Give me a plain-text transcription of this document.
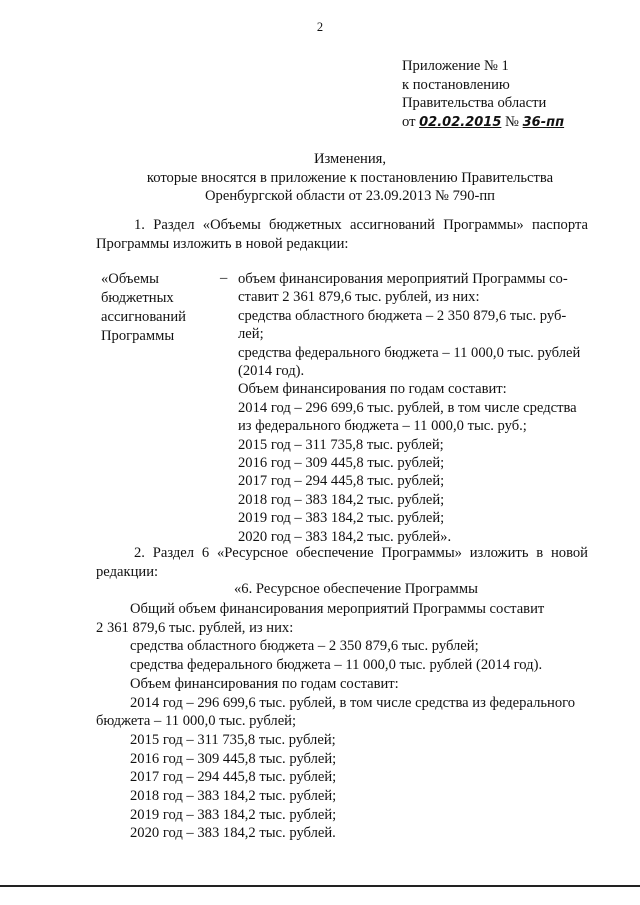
2
Приложение № 1
к постановлению
Правительства области
от 02.02.2015 № 36-пп
Изменения,
которые вносятся в приложение к постановлению Правительства
Оренбургской области от 23.09.2013 № 790-пп
1. Раздел «Объемы бюджетных ассигнований Программы» паспорта Программы изложить в новой редакции:
«Объемы
бюджетных
ассигнований
Программы
– объем финансирования мероприятий Программы со-
ставит 2 361 879,6 тыс. рублей, из них:
средства областного бюджета – 2 350 879,6 тыс. руб-
лей;
средства федерального бюджета – 11 000,0 тыс. рублей
(2014 год).
Объем финансирования по годам составит:
2014 год – 296 699,6 тыс. рублей, в том числе средства
из федерального бюджета – 11 000,0 тыс. руб.;
2015 год – 311 735,8 тыс. рублей;
2016 год – 309 445,8 тыс. рублей;
2017 год – 294 445,8 тыс. рублей;
2018 год – 383 184,2 тыс. рублей;
2019 год – 383 184,2 тыс. рублей;
2020 год – 383 184,2 тыс. рублей».
2. Раздел 6 «Ресурсное обеспечение Программы» изложить в новой редакции:
«6. Ресурсное обеспечение Программы
Общий объем финансирования мероприятий Программы составит
2 361 879,6 тыс. рублей, из них:
средства областного бюджета – 2 350 879,6 тыс. рублей;
средства федерального бюджета – 11 000,0 тыс. рублей (2014 год).
Объем финансирования по годам составит:
2014 год – 296 699,6 тыс. рублей, в том числе средства из федерального
бюджета – 11 000,0 тыс. рублей;
2015 год – 311 735,8 тыс. рублей;
2016 год – 309 445,8 тыс. рублей;
2017 год – 294 445,8 тыс. рублей;
2018 год – 383 184,2 тыс. рублей;
2019 год – 383 184,2 тыс. рублей;
2020 год – 383 184,2 тыс. рублей.
